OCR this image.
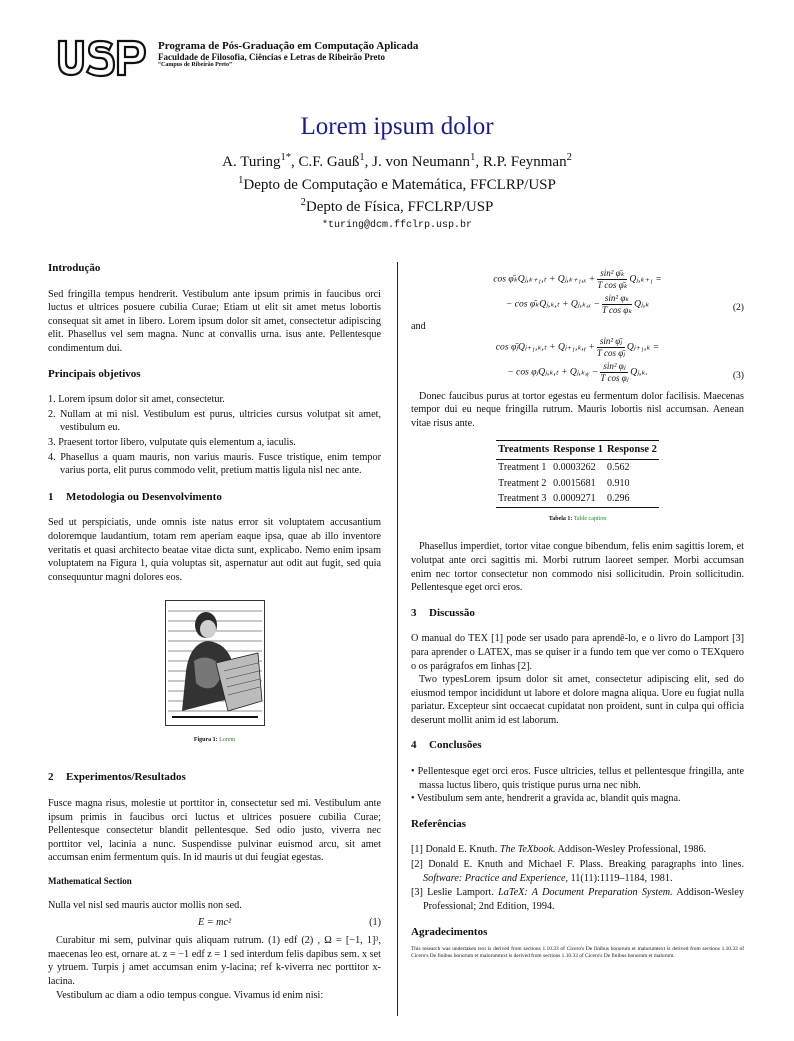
Programa de Pós-Graduação em Computação Aplicada
Faculdade de Filosofia, Ciências e Letras de Ribeirão Preto
“Campus de Ribeirão Preto”
Lorem ipsum dolor
A. Turing$^{1*}$, C.F. Gauß$^1$, J. von Neumann$^1$, R.P. Feynman$^2$
$^1$Depto de Computação e Matemática, FFCLRP/USP
$^2$Depto de Física, FFCLRP/USP
*turing@dcm.ffclrp.usp.br
Introdução

Sed fringilla tempus hendrerit. Vestibulum ante ipsum primis in faucibus orci luctus et ultrices posuere cubilia Curae; Etiam ut elit sit amet metus lobortis consequat sit amet in libero. Lorem ipsum dolor sit amet, consectetur adipiscing elit. Phasellus vel sem magna. Nunc at convallis urna. isus ante. Pellentesque condimentum dui.

Principais objetivos
1. Lorem ipsum dolor sit amet, consectetur.
2. Nullam at mi nisl. Vestibulum est purus, ultricies cursus volutpat sit amet, vestibulum eu.
3. Praesent tortor libero, vulputate quis elementum a, iaculis.
4. Phasellus a quam mauris, non varius mauris. Fusce tristique, enim tempor varius porta, elit purus commodo velit, pretium mattis ligula nisl nec ante.
1 Metodologia ou Desenvolvimento

Sed ut perspiciatis, unde omnis iste natus error sit voluptatem accusantium doloremque laudantium, totam rem aperiam eaque ipsa, quae ab illo inventore veritatis et quasi architecto beatae vitae dicta sunt, explicabo. Nemo enim ipsam voluptatem na Figura 1, quia voluptas sit, aspernatur aut odit aut fugit, sed quia consequuntur magni dolores eos.

Figura 1: Lorem
2 Experimentos/Resultados

Fusce magna risus, molestie ut porttitor in, consectetur sed mi. Vestibulum ante ipsum primis in faucibus orci luctus et ultrices posuere cubilia Curae; Pellentesque consectetur blandit pellentesque. Sed odio justo, viverra nec porttitor vel, lacinia a nunc. Suspendisse pulvinar euismod arcu, sit amet accumsan enim fermentum quis. In id mauris ut dui feugiat egestas.

Mathematical Section

Nulla vel nisl sed mauris auctor mollis non sed.

E = mc²	(1)

Curabitur mi sem, pulvinar quis aliquam rutrum. (1) edf (2) , Ω = [−1, 1]³, maecenas leo est, ornare at. z = −1 edf z = 1 sed interdum felis dapibus sem. x set y ytruem. Turpis j amet accumsan enim y-lacina; ref k-viverra nec porttitor x-lacina.

Vestibulum ac diam a odio tempus congue. Vivamus id enim nisi:

cos φ̄ₖQⱼ,ₖ₊₁,ₜ + Qⱼ,ₖ₊₁,ₓ + $\frac{\text{sin² φ̄ₖ}}{\text{T cos φ̄ₖ}}$ Qⱼ,ₖ₊₁ =
− cos φ̄ₖQⱼ,ₖ,ₜ + Qⱼ,ₖ,ₓ − $\frac{\text{sin² φₖ}}{\text{T cos φₖ}}$ Qⱼ,ₖ	(2)

and

cos φ̄ⱼQⱼ₊₁,ₖ,ₜ + Qⱼ₊₁,ₖ,ᵧ + $\frac{\text{sin² φ̄ⱼ}}{\text{T cos φ̄ⱼ}}$ Qⱼ₊₁,ₖ =
− cos φⱼQⱼ,ₖ,ₜ + Qⱼ,ₖ,ᵧ − $\frac{\text{sin² φⱼ}}{\text{T cos φⱼ}}$ Qⱼ,ₖ.	(3)

Donec faucibus purus at tortor egestas eu fermentum dolor facilisis. Maecenas tempor dui eu neque fringilla rutrum. Mauris lobortis nisl accumsan. Aenean vitae risus ante.

Treatments	Response 1	Response 2
Treatment 1	0.0003262	0.562
Treatment 2	0.0015681	0.910
Treatment 3	0.0009271	0.296
Tabela 1: Table caption

Phasellus imperdiet, tortor vitae congue bibendum, felis enim sagittis lorem, et volutpat ante orci sagittis mi. Morbi rutrum laoreet semper. Morbi accumsan enim nec tortor consectetur non commodo nisi sollicitudin. Proin sollicitudin. Pellentesque eget orci eros.

3 Discussão

O manual do TEX [1] pode ser usado para aprendê-lo, e o livro do Lamport [3] para aprender o LATEX, mas se quiser ir a fundo tem que ver como o TEXquero o os parágrafos em linhas [2].

Two typesLorem ipsum dolor sit amet, consectetur adipiscing elit, sed do eiusmod tempor incididunt ut labore et dolore magna aliqua. Uore eu fugiat nulla pariatur. Excepteur sint occaecat cupidatat non proident, sunt in culpa qui officia deserunt mollit anim id est laborum.

4 Conclusões
• Pellentesque eget orci eros. Fusce ultricies, tellus et pellentesque fringilla, ante massa luctus libero, quis tristique purus urna nec nibh.
• Vestibulum sem ante, hendrerit a gravida ac, blandit quis magna.
Referências
[1] Donald E. Knuth. The TeXbook. Addison-Wesley Professional, 1986.
[2] Donald E. Knuth and Michael F. Plass. Breaking paragraphs into lines. Software: Practice and Experience, 11(11):1119–1184, 1981.
[3] Leslie Lamport. LaTeX: A Document Preparation System. Addison-Wesley Professional; 2nd Edition, 1994.
Agradecimentos

This research was undertaken text is derived from sections 1.10.33 of Cicero's De finibus bonorum et malorumtext is derived from sections 1.10.33 of Cicero's De finibus bonorum et malorumtext is derived from sections 1.10.33 of Cicero's De finibus bonorum et malorum.
